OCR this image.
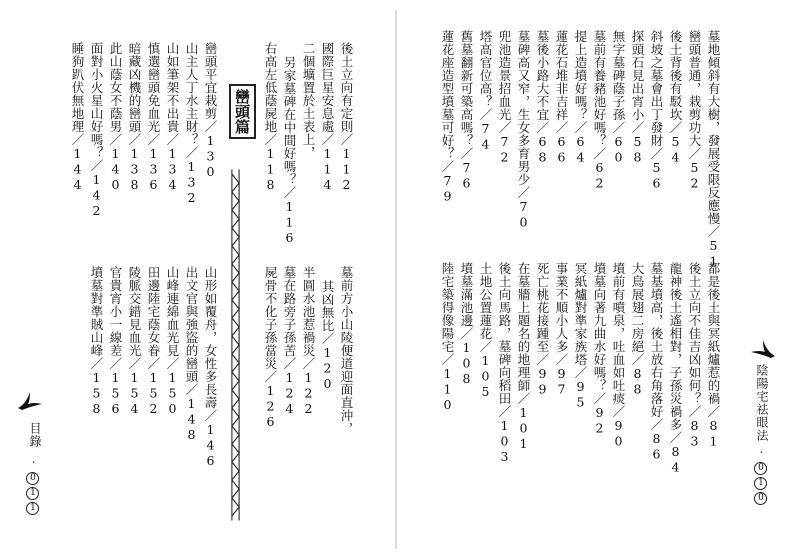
目錄
·011
後土立向有定則／112
國際巨星安息處／114
二個壙置於土表上，
另家墓碑在中間好嗎？／116
右高左低蔭屍地／118
巒頭平宜栽剪／130
山主人丁水主財？／132
山如筆架不出貴／134
慎選巒頭免血光／136
暗藏凶機的巒頭／138
此山蔭女不蔭男／140
面對小火星山好嗎？／142
睡狗趴伏無地理／144	巒頭篇
墓前方小山陵便道迎面直沖，
其凶無比／120
半圓水池惹禍災／122
墓在路旁子孫苦／124
屍骨不化子孫當災／126
山形如覆舟，女性多長壽／146
出文官與強盜的巒頭／148
山峰連綿血光見／150
田邊陸宅蔭女眷／152
陵脈交錯見血光／154
官貴宵小一線差／156
墳墓對準賊山峰／158
墓地傾斜有大樹，發展受限反應慢／51
巒頭普通，栽剪功大／52
後土背後有駁坎／54
斜坡之墓會出丁發財／56
探頭石見出宵小／58
無字墓碑蔭子孫／60
墓前有養豬池好嗎？／62
提上造墳好嗎？／64
蓮花石堆非吉祥／66
墓後小路大不宜／68
墓碑高又窄，生女多育男少／70
兜池造景招血光／72
塔高官位高？／74
舊墓翻新可築高嗎？／76
蓮花座造型墳墓可好？／79
都是後土與冥紙爐惹的禍／81
後土立向不佳吉凶如何？／83
龍神後土遙相對，子孫災禍多／84
墓基墳高，後土放右角落好／86
大鳥展翅二房絕／88
墳前有噴泉，吐血如吐痰／90
墳墓向著九曲水好嗎？／92
冥紙爐對準家族塔／95
事業不順小人多／97
死亡桃花接踵至／99
在墓牆上題名的地理師／101
後土向馬路，墓碑向稻田／103
土地公置蓮花／105
墳墓滿池邊／108
陸宅築得像陽宅／110	陰陽宅祛眼法
·010
